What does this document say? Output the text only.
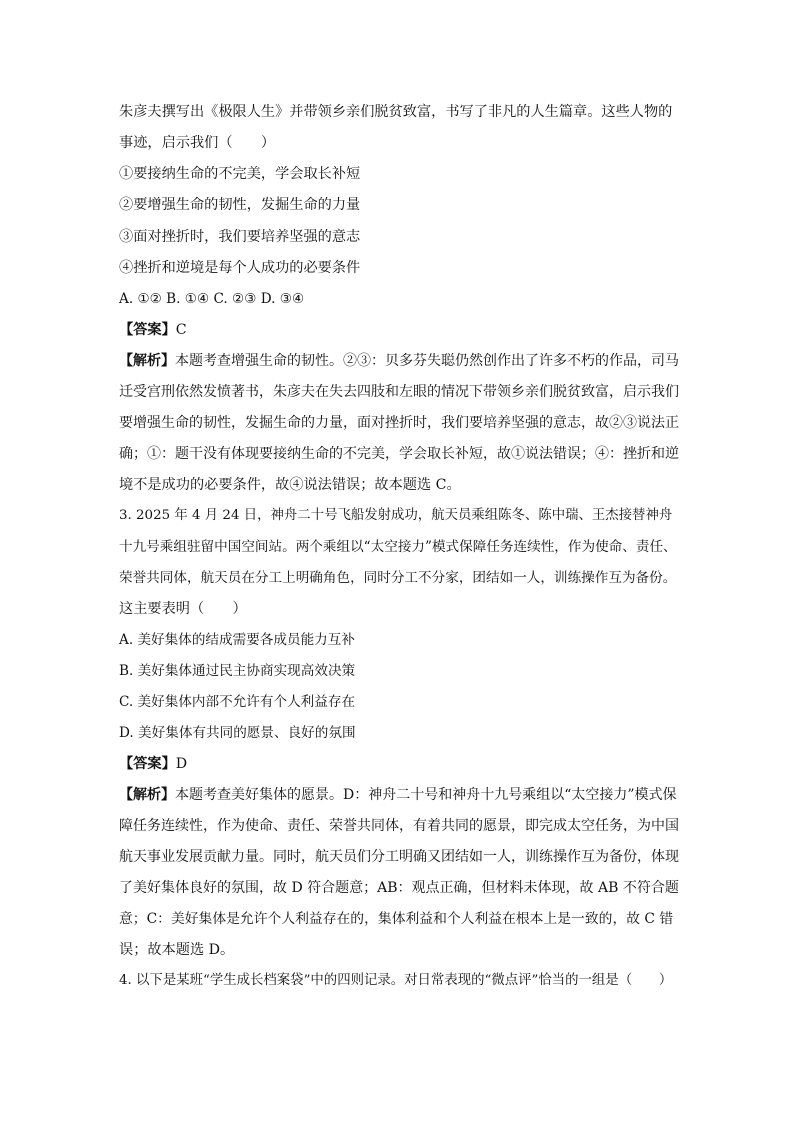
朱彦夫撰写出《极限人生》并带领乡亲们脱贫致富，书写了非凡的人生篇章。这些人物的
事迹，启示我们（　　）
①要接纳生命的不完美，学会取长补短
②要增强生命的韧性，发掘生命的力量
③面对挫折时，我们要培养坚强的意志
④挫折和逆境是每个人成功的必要条件
A. ①② B. ①④ C. ②③ D. ③④
【答案】C
【解析】本题考查增强生命的韧性。②③：贝多芬失聪仍然创作出了许多不朽的作品，司马
迁受宫刑依然发愤著书，朱彦夫在失去四肢和左眼的情况下带领乡亲们脱贫致富，启示我们
要增强生命的韧性，发掘生命的力量，面对挫折时，我们要培养坚强的意志，故②③说法正
确；①：题干没有体现要接纳生命的不完美，学会取长补短，故①说法错误；④：挫折和逆
境不是成功的必要条件，故④说法错误；故本题选 C。
3. 2025 年 4 月 24 日，神舟二十号飞船发射成功，航天员乘组陈冬、陈中瑞、王杰接替神舟
十九号乘组驻留中国空间站。两个乘组以“太空接力”模式保障任务连续性，作为使命、责任、
荣誉共同体，航天员在分工上明确角色，同时分工不分家，团结如一人，训练操作互为备份。
这主要表明（　　）
A. 美好集体的结成需要各成员能力互补
B. 美好集体通过民主协商实现高效决策
C. 美好集体内部不允许有个人利益存在
D. 美好集体有共同的愿景、良好的氛围
【答案】D
【解析】本题考查美好集体的愿景。D：神舟二十号和神舟十九号乘组以“太空接力”模式保
障任务连续性，作为使命、责任、荣誉共同体，有着共同的愿景，即完成太空任务，为中国
航天事业发展贡献力量。同时，航天员们分工明确又团结如一人，训练操作互为备份，体现
了美好集体良好的氛围，故 D 符合题意；AB：观点正确，但材料未体现，故 AB 不符合题
意；C：美好集体是允许个人利益存在的，集体利益和个人利益在根本上是一致的，故 C 错
误；故本题选 D。
4. 以下是某班“学生成长档案袋”中的四则记录。对日常表现的“微点评”恰当的一组是（　　）
